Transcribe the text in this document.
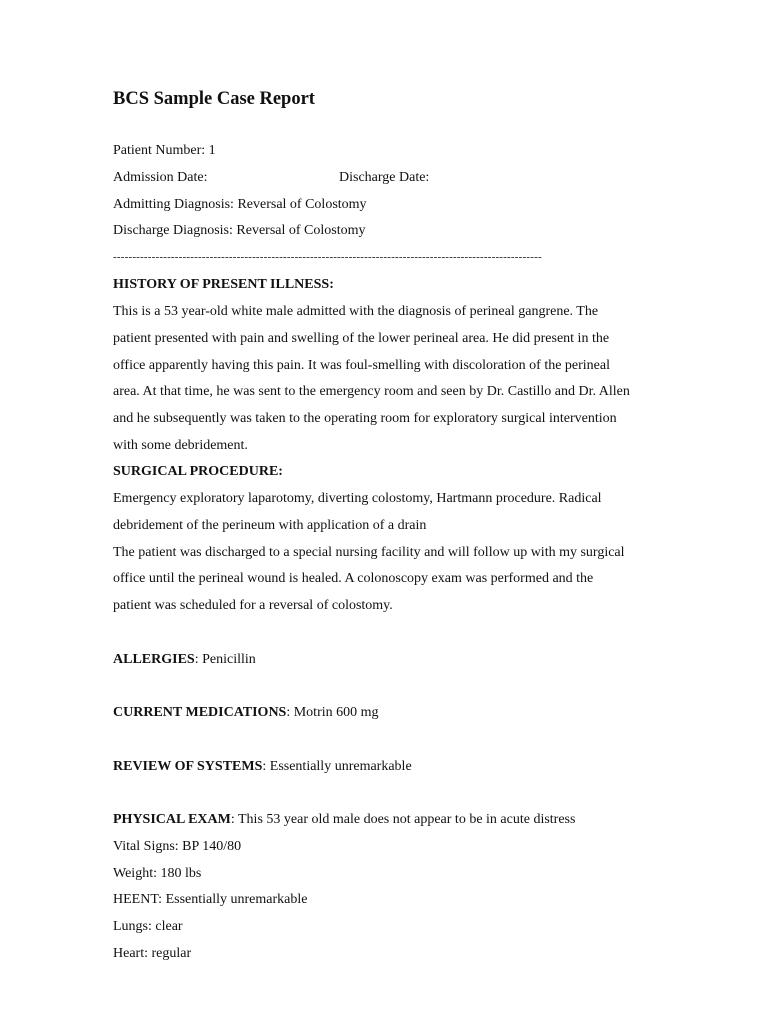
BCS Sample Case Report

Patient Number: 1

Admission Date:	Discharge Date:

Admitting Diagnosis: Reversal of Colostomy

Discharge Diagnosis: Reversal of Colostomy

---------------------------------------------------------------------------------------------------------------

HISTORY OF PRESENT ILLNESS:

This is a 53 year-old white male admitted with the diagnosis of perineal gangrene. The

patient presented with pain and swelling of the lower perineal area. He did present in the

office apparently having this pain. It was foul-smelling with discoloration of the perineal

area. At that time, he was sent to the emergency room and seen by Dr. Castillo and Dr. Allen

and he subsequently was taken to the operating room for exploratory surgical intervention

with some debridement.

SURGICAL PROCEDURE:

Emergency exploratory laparotomy, diverting colostomy, Hartmann procedure. Radical

debridement of the perineum with application of a drain

The patient was discharged to a special nursing facility and will follow up with my surgical

office until the perineal wound is healed. A colonoscopy exam was performed and the

patient was scheduled for a reversal of colostomy.

ALLERGIES: Penicillin

CURRENT MEDICATIONS: Motrin 600 mg

REVIEW OF SYSTEMS: Essentially unremarkable

PHYSICAL EXAM: This 53 year old male does not appear to be in acute distress

Vital Signs: BP 140/80

Weight: 180 lbs

HEENT: Essentially unremarkable

Lungs: clear

Heart: regular
